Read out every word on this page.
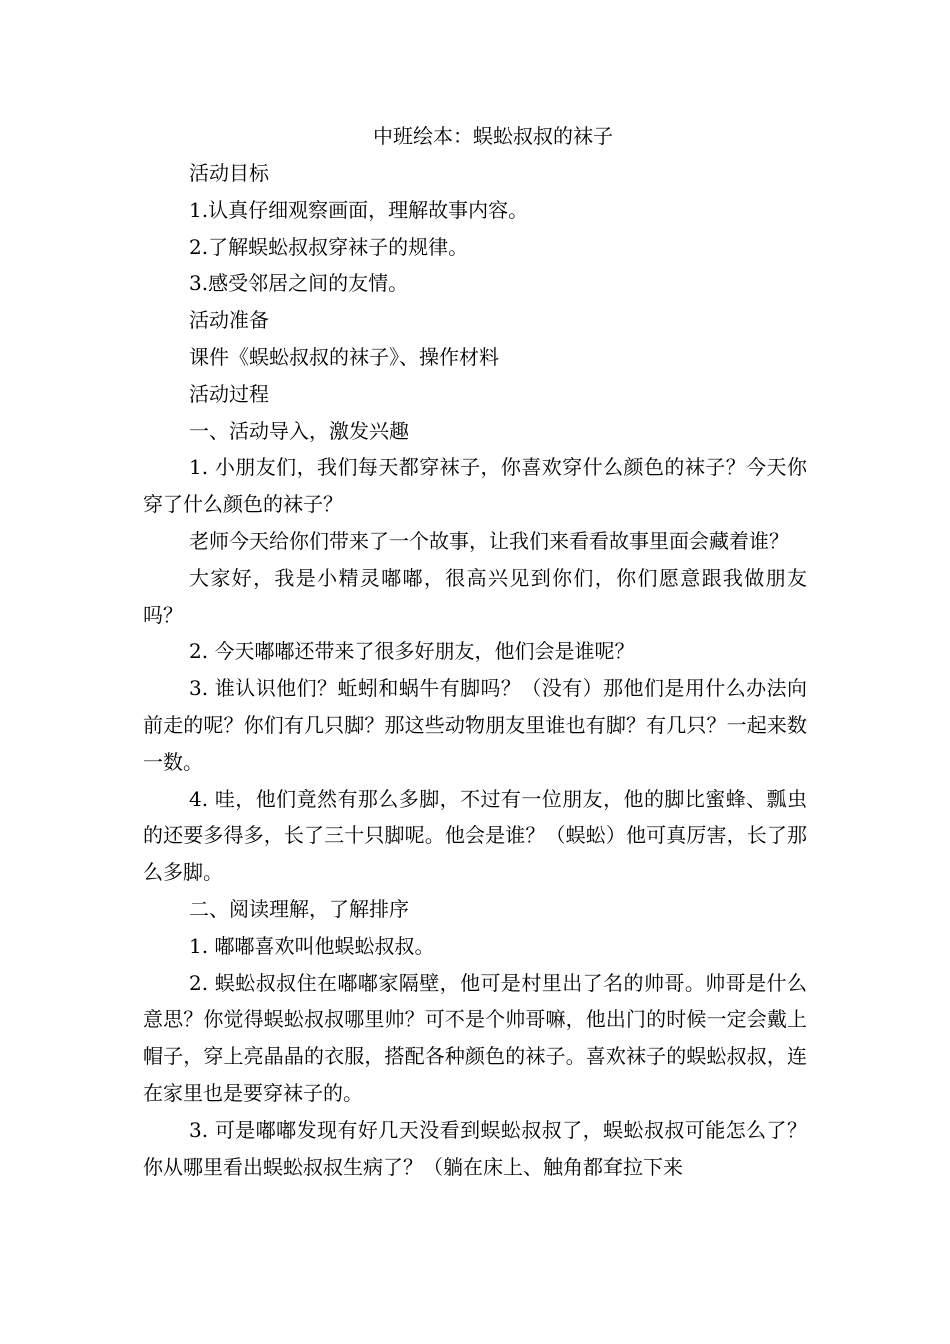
中班绘本：蜈蚣叔叔的袜子

活动目标

1.认真仔细观察画面，理解故事内容。

2.了解蜈蚣叔叔穿袜子的规律。

3.感受邻居之间的友情。

活动准备

课件《蜈蚣叔叔的袜子》、操作材料

活动过程

一、活动导入，激发兴趣

1. 小朋友们，我们每天都穿袜子，你喜欢穿什么颜色的袜子？今天你穿了什么颜色的袜子？

老师今天给你们带来了一个故事，让我们来看看故事里面会藏着谁？

大家好，我是小精灵嘟嘟，很高兴见到你们，你们愿意跟我做朋友吗？

2. 今天嘟嘟还带来了很多好朋友，他们会是谁呢？

3. 谁认识他们？蚯蚓和蜗牛有脚吗？（没有）那他们是用什么办法向前走的呢？你们有几只脚？那这些动物朋友里谁也有脚？有几只？一起来数一数。

4. 哇，他们竟然有那么多脚，不过有一位朋友，他的脚比蜜蜂、瓢虫的还要多得多，长了三十只脚呢。他会是谁？（蜈蚣）他可真厉害，长了那么多脚。

二、阅读理解，了解排序

1. 嘟嘟喜欢叫他蜈蚣叔叔。

2. 蜈蚣叔叔住在嘟嘟家隔壁，他可是村里出了名的帅哥。帅哥是什么意思？你觉得蜈蚣叔叔哪里帅？可不是个帅哥嘛，他出门的时候一定会戴上帽子，穿上亮晶晶的衣服，搭配各种颜色的袜子。喜欢袜子的蜈蚣叔叔，连在家里也是要穿袜子的。

3. 可是嘟嘟发现有好几天没看到蜈蚣叔叔了，蜈蚣叔叔可能怎么了？你从哪里看出蜈蚣叔叔生病了？（躺在床上、触角都耷拉下来
